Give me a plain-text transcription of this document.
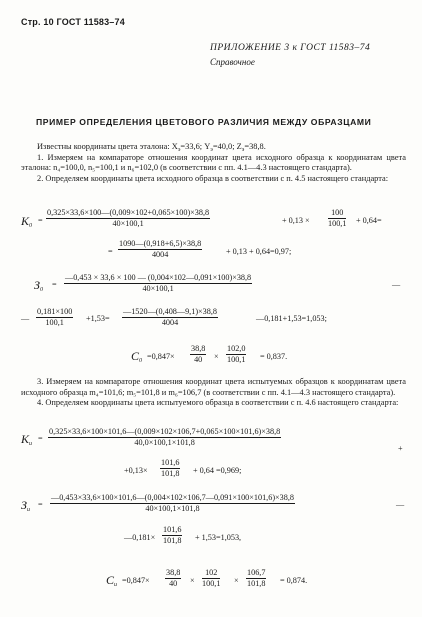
Стр. 10 ГОСТ 11583–74
ПРИЛОЖЕНИЕ 3 к ГОСТ 11583–74
Справочное
ПРИМЕР ОПРЕДЕЛЕНИЯ ЦВЕТОВОГО РАЗЛИЧИЯ МЕЖДУ ОБРАЗЦАМИ

Известны координаты цвета эталона: $X_э=33,6$; $Y_э=40,0$; $Z_э=38,8$.

1. Измеряем на компараторе отношения координат цвета исходного образца к координатам цвета эталона: n₄=100,0, n₅=100,1 и n₆=102,0 (в соответствии с пп. 4.1—4.3 настоящего стандарта).

2. Определяем координаты цвета исходного образца в соответствии с п. 4.5 настоящего стандарта:

$K_0$
= $\frac{0,325\times 33,6\times 100—(0,009\times 102+0,065\times 100)\times 38,8}{40\times 100,1}$	+ $0,13 \times \frac{100}{100,1} + 0,64=$
= $\frac{1090—(0,918+6,5)\times 38,8}{4004}$	+ 0,13 + 0,64=0,97;
$З_0$
= $\frac{—0,453 \times 33,6 \times 100 — (0,004\times 102—0,091\times 100)\times 38,8}{40\times 100,1}$	—
— $\frac{0,181\times 100}{100,1} +1,53= \frac{—1520—(0,408—9,1)\times 38,8}{4004}$	—0,181+1,53=1,053;
$C_0 =0,847\times \frac{38,8}{40} \times \frac{102,0}{100,1} = 0,837$.

3. Измеряем на компараторе отношения координат цвета испытуемых образцов к координатам цвета исходного образца m₄=101,6; m₅=101,8 и m₆=106,7 (в соответствии с пп. 4.1—4.3 настоящего стандарта).

4. Определяем координаты цвета испытуемого образца в соответствии с п. 4.6 настоящего стандарта:

$K_и$
= $\frac{0,325\times 33,6\times 100\times 101,6—(0,009\times 102\times 106,7+0,065\times 100\times 101,6)\times 38,8}{40,0\times 100,1\times 101,8}$
+
$+0,13\times \frac{101,6}{101,8} + 0,64 =0,969$;
$З_и$
= $\frac{—0,453\times 33,6\times 100\times 101,6—(0,004\times 102\times 106,7—0,091\times 100\times 101,6)\times 38,8}{40\times 100,1\times 101,8}$	—
—0,181× $\frac{101,6}{101,8} + 1,53=1,053$,
$C_и =0,847\times \frac{38,8}{40} \times \frac{102}{100,1} \times \frac{106,7}{101,8} = 0,874$.
